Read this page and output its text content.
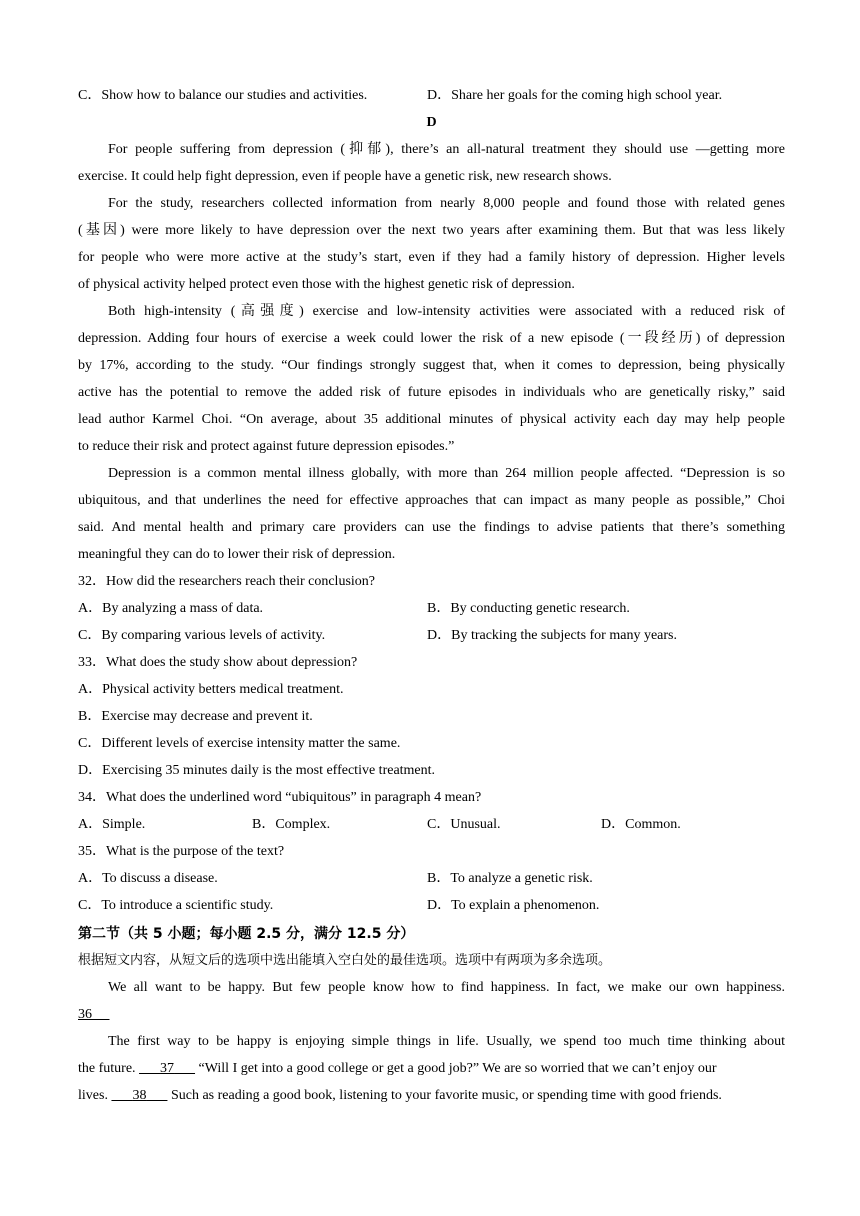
C．Show how to balance our studies and activities.	D．Share her goals for the coming high school year.
D
For people suffering from depression (抑郁), there’s an all-natural treatment they should use —getting more
exercise. It could help fight depression, even if people have a genetic risk, new research shows.
For the study, researchers collected information from nearly 8,000 people and found those with related genes
(基因) were more likely to have depression over the next two years after examining them. But that was less likely
for people who were more active at the study’s start, even if they had a family history of depression. Higher levels
of physical activity helped protect even those with the highest genetic risk of depression.
Both high-intensity (高强度) exercise and low-intensity activities were associated with a reduced risk of
depression. Adding four hours of exercise a week could lower the risk of a new episode (一段经历) of depression
by 17%, according to the study. “Our findings strongly suggest that, when it comes to depression, being physically
active has the potential to remove the added risk of future episodes in individuals who are genetically risky,” said
lead author Karmel Choi. “On average, about 35 additional minutes of physical activity each day may help people
to reduce their risk and protect against future depression episodes.”
Depression is a common mental illness globally, with more than 264 million people affected. “Depression is so
ubiquitous, and that underlines the need for effective approaches that can impact as many people as possible,” Choi
said. And mental health and primary care providers can use the findings to advise patients that there’s something
meaningful they can do to lower their risk of depression.
32．How did the researchers reach their conclusion?
A．By analyzing a mass of data.	B．By conducting genetic research.
C．By comparing various levels of activity.	D．By tracking the subjects for many years.
33．What does the study show about depression?
A．Physical activity betters medical treatment.
B．Exercise may decrease and prevent it.
C．Different levels of exercise intensity matter the same.
D．Exercising 35 minutes daily is the most effective treatment.
34．What does the underlined word “ubiquitous” in paragraph 4 mean?
A．Simple.	B．Complex.	C．Unusual.	D．Common.
35．What is the purpose of the text?
A．To discuss a disease.	B．To analyze a genetic risk.
C．To introduce a scientific study.	D．To explain a phenomenon.
第二节（共 5 小题；每小题 2.5 分，满分 12.5 分）
根据短文内容，从短文后的选项中选出能填入空白处的最佳选项。选项中有两项为多余选项。
We all want to be happy. But few people know how to find happiness. In fact, we make our own happiness.
36
The first way to be happy is enjoying simple things in life. Usually, we spend too much time thinking about
the future. 37 “Will I get into a good college or get a good job?” We are so worried that we can’t enjoy our
lives. 38 Such as reading a good book, listening to your favorite music, or spending time with good friends.
